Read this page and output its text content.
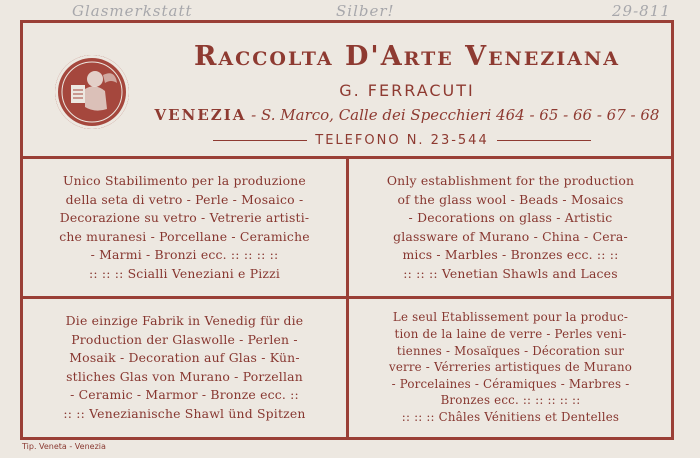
Glasmerkstatt	Silber!	29-811
Raccolta D'Arte Veneziana
G. FERRACUTI
VENEZIA - S. Marco, Calle dei Specchieri 464 - 65 - 66 - 67 - 68
TELEFONO N. 23-544
Unico Stabilimento per la produzione
della seta di vetro - Perle - Mosaico -
Decorazione su vetro - Vetrerie artisti-
che muranesi - Porcellane - Ceramiche
- Marmi - Bronzi ecc. :: :: :: ::
:: :: :: Scialli Veneziani e Pizzi
Only establishment for the production
of the glass wool - Beads - Mosaics
- Decorations on glass - Artistic
glassware of Murano - China - Cera-
mics - Marbles - Bronzes ecc. :: ::
:: :: :: Venetian Shawls and Laces
Die einzige Fabrik in Venedig für die
Production der Glaswolle - Perlen -
Mosaik - Decoration auf Glas - Kün-
stliches Glas von Murano - Porzellan
- Ceramic - Marmor - Bronze ecc. ::
:: :: Venezianische Shawl ünd Spitzen
Le seul Etablissement pour la produc-
tion de la laine de verre - Perles veni-
tiennes - Mosaïques - Décoration sur
verre - Vérreries artistiques de Murano
- Porcelaines - Céramiques - Marbres -
Bronzes ecc. :: :: :: :: ::
:: :: :: Châles Vénitiens et Dentelles
Tip. Veneta - Venezia
